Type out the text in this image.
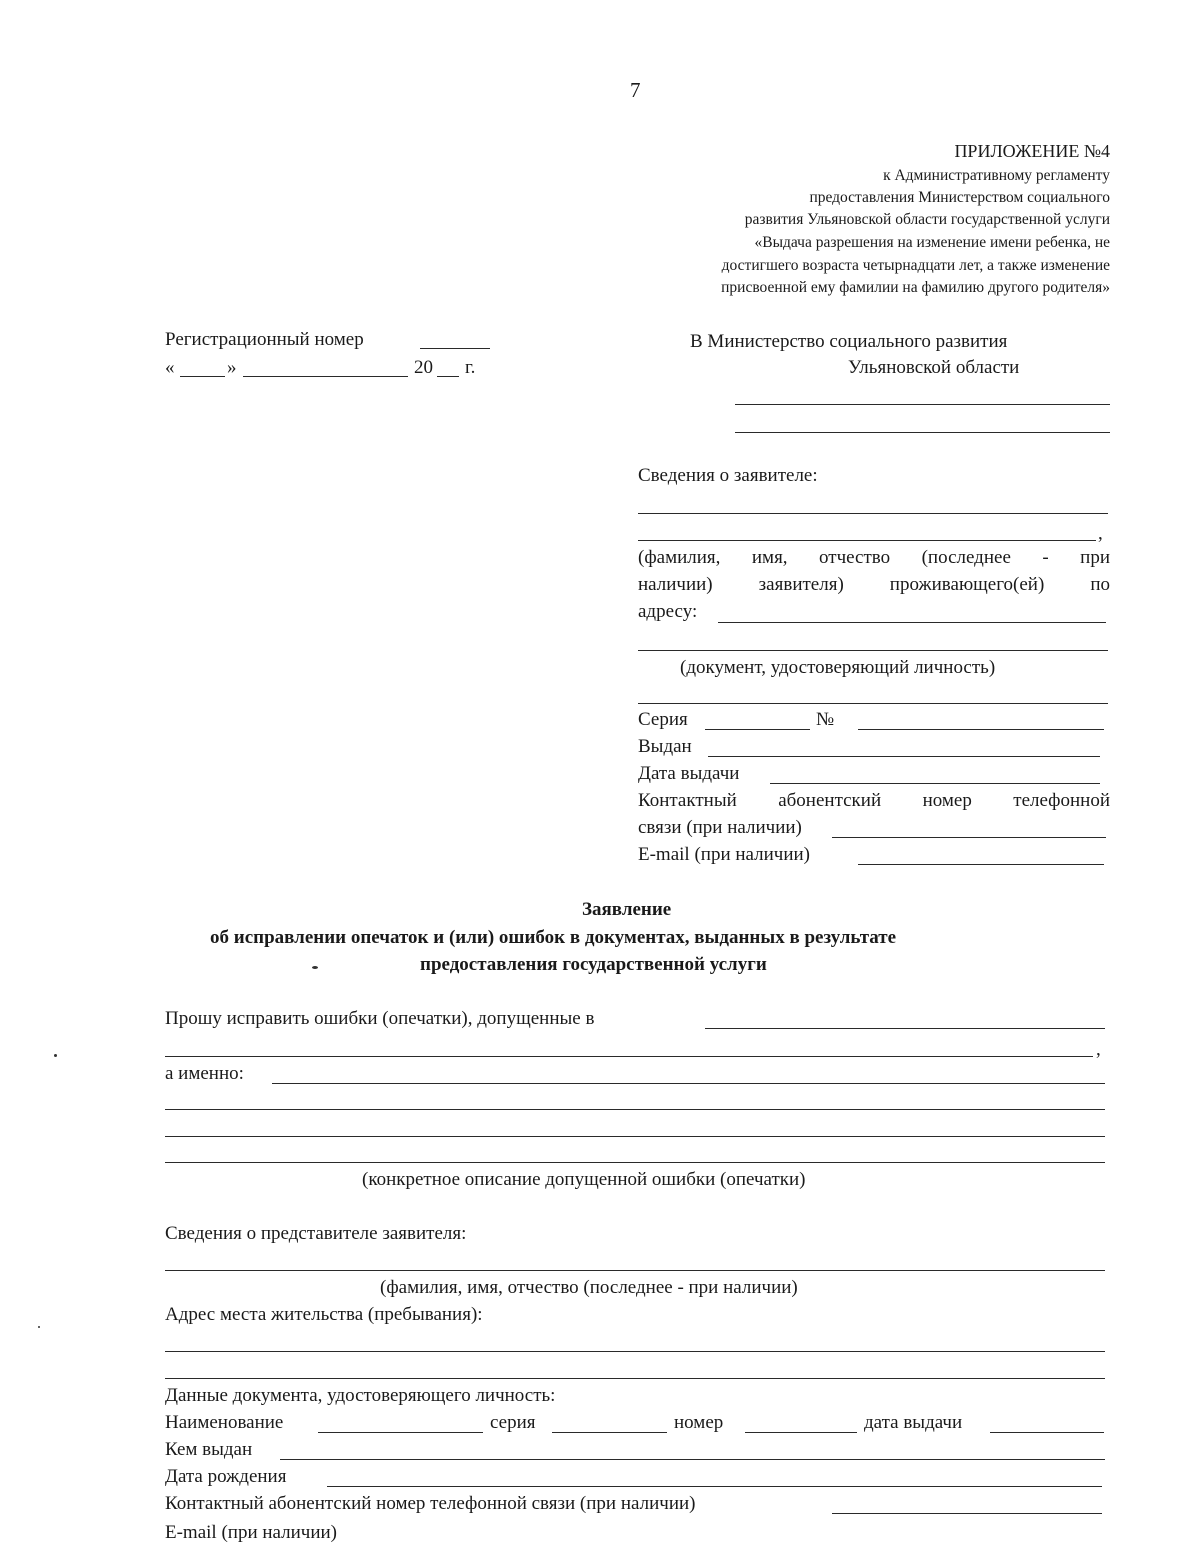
7
ПРИЛОЖЕНИЕ №4
к Административному регламенту
предоставления Министерством социального
развития Ульяновской области государственной услуги
«Выдача разрешения на изменение имени ребенка, не
достигшего возраста четырнадцати лет, а также изменение
присвоенной ему фамилии на фамилию другого родителя»
Регистрационный номер
«	»	20 г.
В Министерство социального развития
Ульяновской области
Сведения о заявителе:
,
(фамилия, имя, отчество (последнее - при
наличии) заявителя) проживающего(ей) по
адресу:
(документ, удостоверяющий личность)
Серия	№
Выдан
Дата выдачи
Контактный абонентский номер телефонной
связи (при наличии)
E-mail (при наличии)
Заявление
об исправлении опечаток и (или) ошибок в документах, выданных в результате
предоставления государственной услуги
Прошу исправить ошибки (опечатки), допущенные в
,
а именно:
(конкретное описание допущенной ошибки (опечатки)
Сведения о представителе заявителя:
(фамилия, имя, отчество (последнее - при наличии)
Адрес места жительства (пребывания):
Данные документа, удостоверяющего личность:
Наименование	серия	номер	дата выдачи
Кем выдан
Дата рождения
Контактный абонентский номер телефонной связи (при наличии)
E-mail (при наличии)
